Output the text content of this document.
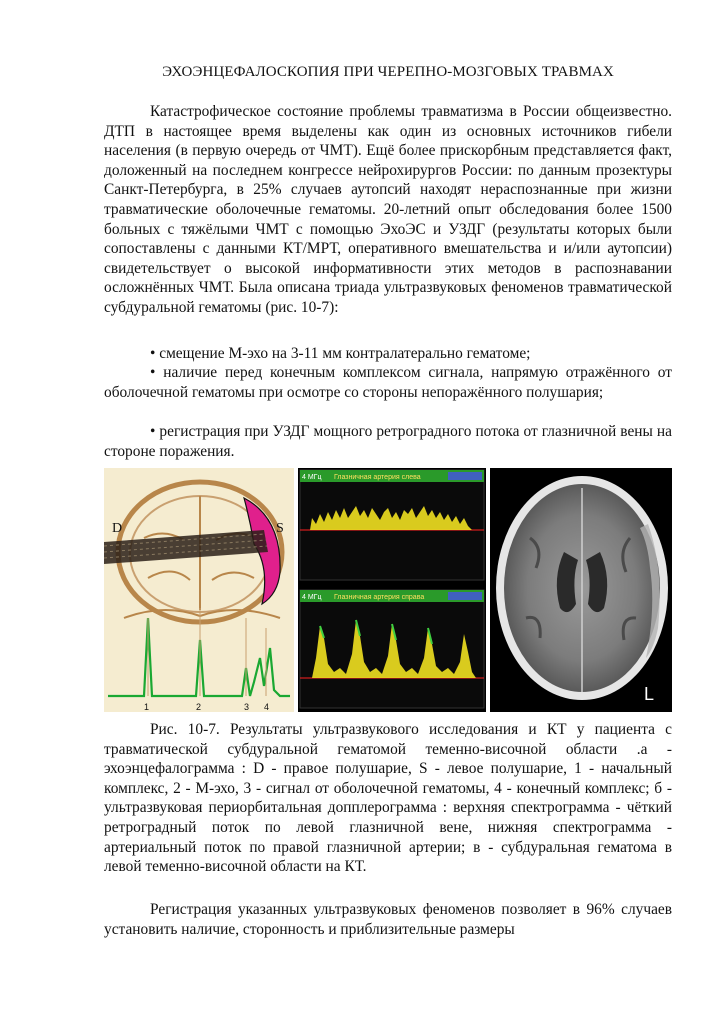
ЭХОЭНЦЕФАЛОСКОПИЯ ПРИ ЧЕРЕПНО-МОЗГОВЫХ ТРАВМАХ

Катастрофическое состояние проблемы травматизма в России общеизвестно. ДТП в настоящее время выделены как один из основных источников гибели населения (в первую очередь от ЧМТ). Ещё более прискорбным представляется факт, доложенный на последнем конгрессе нейрохирургов России: по данным прозектуры Санкт-Петербурга, в 25% случаев аутопсий находят нераспознанные при жизни травматические оболочечные гематомы. 20-летний опыт обследования более 1500 больных с тяжёлыми ЧМТ с помощью ЭхоЭС и УЗДГ (результаты которых были сопоставлены с данными КТ/МРТ, оперативного вмешательства и и/или аутопсии) свидетельствует о высокой информативности этих методов в распознавании осложнённых ЧМТ. Была описана триада ультразвуковых феноменов травматической субдуральной гематомы (рис. 10-7):

• смещение М-эхо на 3-11 мм контралатерально гематоме;

• наличие перед конечным комплексом сигнала, напрямую отражённого от оболочечной гематомы при осмотре со стороны непоражённого полушария;

• регистрация при УЗДГ мощного ретроградного потока от глазничной вены на стороне поражения.

D	S
1	2	3 4
4 МГц Глазничная артерия слева
4 МГц Глазничная артерия справа
L

Рис. 10-7. Результаты ультразвукового исследования и КТ у пациента с травматической субдуральной гематомой теменно-височной области .а - эхоэнцефалограмма : D - правое полушарие, S - левое полушарие, 1 - начальный комплекс, 2 - М-эхо, 3 - сигнал от оболочечной гематомы, 4 - конечный комплекс; б - ультразвуковая периорбитальная допплерограмма : верхняя спектрограмма - чёткий ретроградный поток по левой глазничной вене, нижняя спектрограмма - артериальный поток по правой глазничной артерии; в - субдуральная гематома в левой теменно-височной области на КТ.

Регистрация указанных ультразвуковых феноменов позволяет в 96% случаев установить наличие, сторонность и приблизительные размеры
